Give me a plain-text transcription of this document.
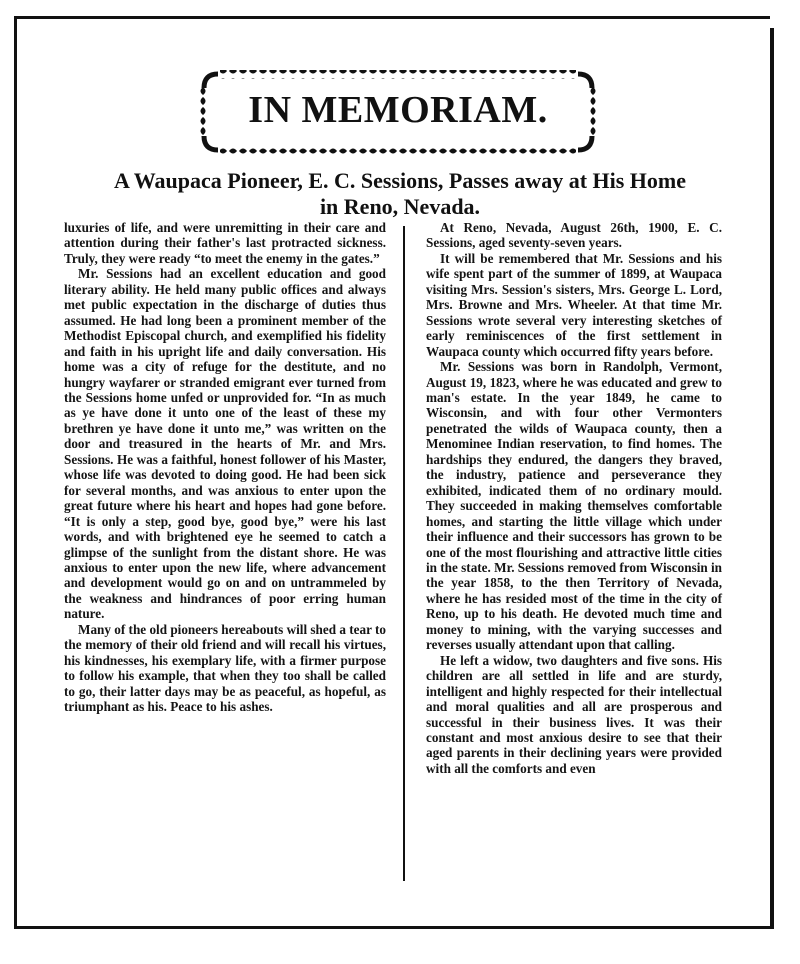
IN MEMORIAM.
A Waupaca Pioneer, E. C. Sessions, Passes away at His Home
in Reno, Nevada.

luxuries of life, and were unremitting in their care and attention during their father's last protracted sickness. Truly, they were ready “to meet the enemy in the gates.”

Mr. Sessions had an excellent education and good literary ability. He held many public offices and always met public expectation in the discharge of duties thus assumed. He had long been a prominent member of the Methodist Episcopal church, and exemplified his fidelity and faith in his upright life and daily conversation. His home was a city of refuge for the destitute, and no hungry wayfarer or stranded emigrant ever turned from the Sessions home unfed or unprovided for. “In as much as ye have done it unto one of the least of these my brethren ye have done it unto me,” was written on the door and treasured in the hearts of Mr. and Mrs. Sessions. He was a faithful, honest follower of his Master, whose life was devoted to doing good. He had been sick for several months, and was anxious to enter upon the great future where his heart and hopes had gone before. “It is only a step, good bye, good bye,” were his last words, and with brightened eye he seemed to catch a glimpse of the sunlight from the distant shore. He was anxious to enter upon the new life, where advancement and development would go on and on untrammeled by the weakness and hindrances of poor erring human nature.

Many of the old pioneers hereabouts will shed a tear to the memory of their old friend and will recall his virtues, his kindnesses, his exemplary life, with a firmer purpose to follow his example, that when they too shall be called to go, their latter days may be as peaceful, as hopeful, as triumphant as his. Peace to his ashes.

At Reno, Nevada, August 26th, 1900, E. C. Sessions, aged seventy-seven years.

It will be remembered that Mr. Sessions and his wife spent part of the summer of 1899, at Waupaca visiting Mrs. Session's sisters, Mrs. George L. Lord, Mrs. Browne and Mrs. Wheeler. At that time Mr. Sessions wrote several very interesting sketches of early reminiscences of the first settlement in Waupaca county which occurred fifty years before.

Mr. Sessions was born in Randolph, Vermont, August 19, 1823, where he was educated and grew to man's estate. In the year 1849, he came to Wisconsin, and with four other Vermonters penetrated the wilds of Waupaca county, then a Menominee Indian reservation, to find homes. The hardships they endured, the dangers they braved, the industry, patience and perseverance they exhibited, indicated them of no ordinary mould. They succeeded in making themselves comfortable homes, and starting the little village which under their influence and their successors has grown to be one of the most flourishing and attractive little cities in the state. Mr. Sessions removed from Wisconsin in the year 1858, to the then Territory of Nevada, where he has resided most of the time in the city of Reno, up to his death. He devoted much time and money to mining, with the varying successes and reverses usually attendant upon that calling.

He left a widow, two daughters and five sons. His children are all settled in life and are sturdy, intelligent and highly respected for their intellectual and moral qualities and all are prosperous and successful in their business lives. It was their constant and most anxious desire to see that their aged parents in their declining years were provided with all the comforts and even
